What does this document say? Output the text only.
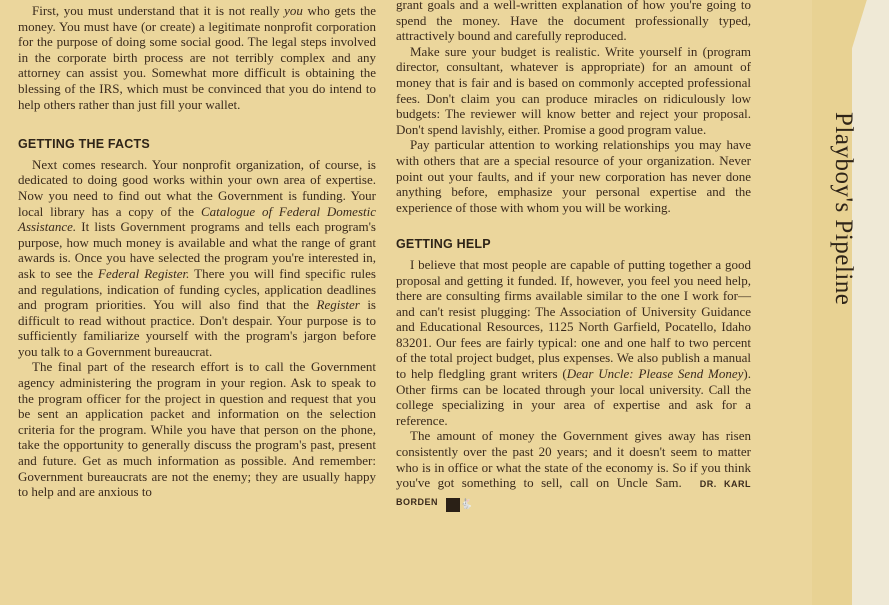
First, you must understand that it is not really you who gets the money. You must have (or create) a legitimate nonprofit corporation for the purpose of doing some social good. The legal steps involved in the corporate birth process are not terribly complex and any attorney can assist you. Somewhat more difficult is obtaining the blessing of the IRS, which must be convinced that you do intend to help others rather than just fill your wallet.

GETTING THE FACTS

Next comes research. Your nonprofit organization, of course, is dedicated to doing good works within your own area of expertise. Now you need to find out what the Government is funding. Your local library has a copy of the Catalogue of Federal Domestic Assistance. It lists Government programs and tells each program's purpose, how much money is available and what the range of grant awards is. Once you have selected the program you're interested in, ask to see the Federal Register. There you will find specific rules and regulations, indication of funding cycles, application deadlines and program priorities. You will also find that the Register is difficult to read without practice. Don't despair. Your purpose is to sufficiently familiarize yourself with the program's jargon before you talk to a Government bureaucrat.

The final part of the research effort is to call the Government agency administering the program in your region. Ask to speak to the program officer for the project in question and request that you be sent an application packet and information on the selection criteria for the program. While you have that person on the phone, take the opportunity to generally discuss the program's past, present and future. Get as much information as possible. And remember: Government bureaucrats are not the enemy; they are usually happy to help and are anxious to

grant goals and a well-written explanation of how you're going to spend the money. Have the document professionally typed, attractively bound and carefully reproduced.

Make sure your budget is realistic. Write yourself in (program director, consultant, whatever is appropriate) for an amount of money that is fair and is based on commonly accepted professional fees. Don't claim you can produce miracles on ridiculously low budgets: The reviewer will know better and reject your proposal. Don't spend lavishly, either. Promise a good program value.

Pay particular attention to working relationships you may have with others that are a special resource of your organization. Never point out your faults, and if your new corporation has never done anything before, emphasize your personal expertise and the experience of those with whom you will be working.

GETTING HELP

I believe that most people are capable of putting together a good proposal and getting it funded. If, however, you feel you need help, there are consulting firms available similar to the one I work for—and can't resist plugging: The Association of University Guidance and Educational Resources, 1125 North Garfield, Pocatello, Idaho 83201. Our fees are fairly typical: one and one half to two percent of the total project budget, plus expenses. We also publish a manual to help fledgling grant writers (Dear Uncle: Please Send Money). Other firms can be located through your local university. Call the college specializing in your area of expertise and ask for a reference.

The amount of money the Government gives away has risen consistently over the past 20 years; and it doesn't seem to matter who is in office or what the state of the economy is. So if you think you've got something to sell, call on Uncle Sam. DR. KARL BORDEN 🐇

Playboy's Pipeline
